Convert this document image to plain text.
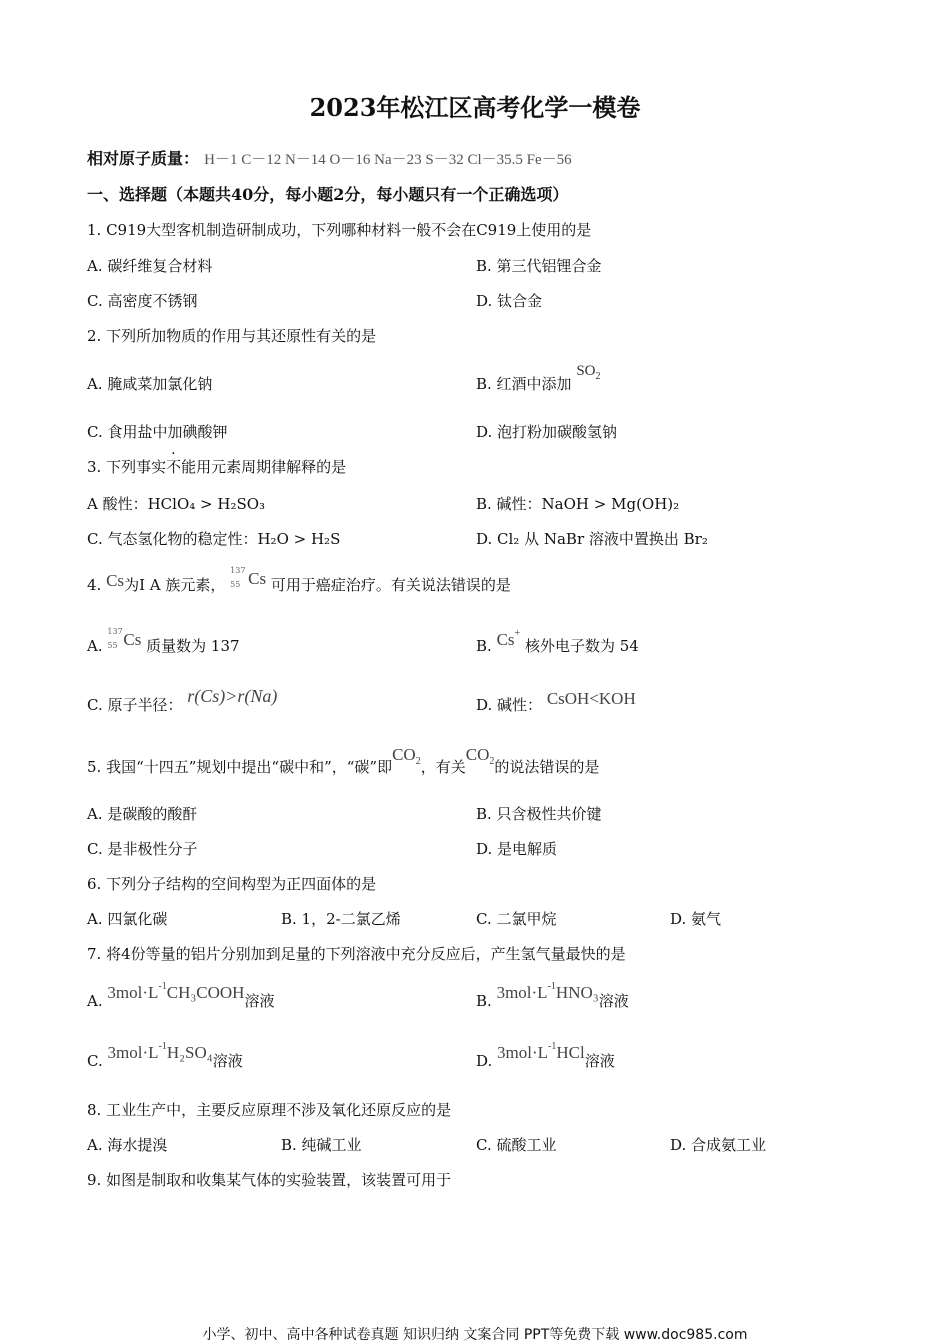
2023年松江区高考化学一模卷
相对原子质量： H－1 C－12 N－14 O－16 Na－23 S－32 Cl－35.5 Fe－56
一、选择题（本题共40分，每小题2分，每小题只有一个正确选项）
1. C919大型客机制造研制成功，下列哪种材料一般不会在C919上使用的是
A. 碳纤维复合材料	B. 第三代铝锂合金
C. 高密度不锈钢	D. 钛合金
2. 下列所加物质的作用与其还原性有关的是
A. 腌咸菜加氯化钠	B. 红酒中添加 $SO_2$
C. 食用盐中加碘酸钾	D. 泡打粉加碳酸氢钠
3. 下列事实不能用元素周期律解释的是
A 酸性：HClO₄ > H₂SO₃	B. 碱性：NaOH > Mg(OH)₂
C. 气态氢化物的稳定性：H₂O > H₂S	D. Cl₂ 从 NaBr 溶液中置换出 Br₂
4. Cs为I A 族元素，
137
55 Cs 可用于癌症治疗。有关说法错误的是
A.
137
55 Cs 质量数为 137	B. Cs+ 核外电子数为 54
C. 原子半径： r(Cs)>r(Na)	D. 碱性： CsOH<KOH
5. 我国“十四五”规划中提出“碳中和”，“碳”即$CO_2$，有关$CO_2$的说法错误的是
A. 是碳酸的酸酐	B. 只含极性共价键
C. 是非极性分子	D. 是电解质
6. 下列分子结构的空间构型为正四面体的是
A. 四氯化碳	B. 1，2-二氯乙烯	C. 二氯甲烷	D. 氨气
7. 将4份等量的铝片分别加到足量的下列溶液中充分反应后，产生氢气量最快的是
A. $3mol\cdot L^{-1}CH_3COOH$溶液	B. $3mol\cdot L^{-1}HNO_3$溶液
C. $3mol\cdot L^{-1}H_2SO_4$溶液	D. $3mol\cdot L^{-1}HCl$溶液
8. 工业生产中，主要反应原理不涉及氧化还原反应的是
A. 海水提溴	B. 纯碱工业	C. 硫酸工业	D. 合成氨工业
9. 如图是制取和收集某气体的实验装置，该装置可用于
小学、初中、高中各种试卷真题 知识归纳 文案合同 PPT等免费下载 www.doc985.com
